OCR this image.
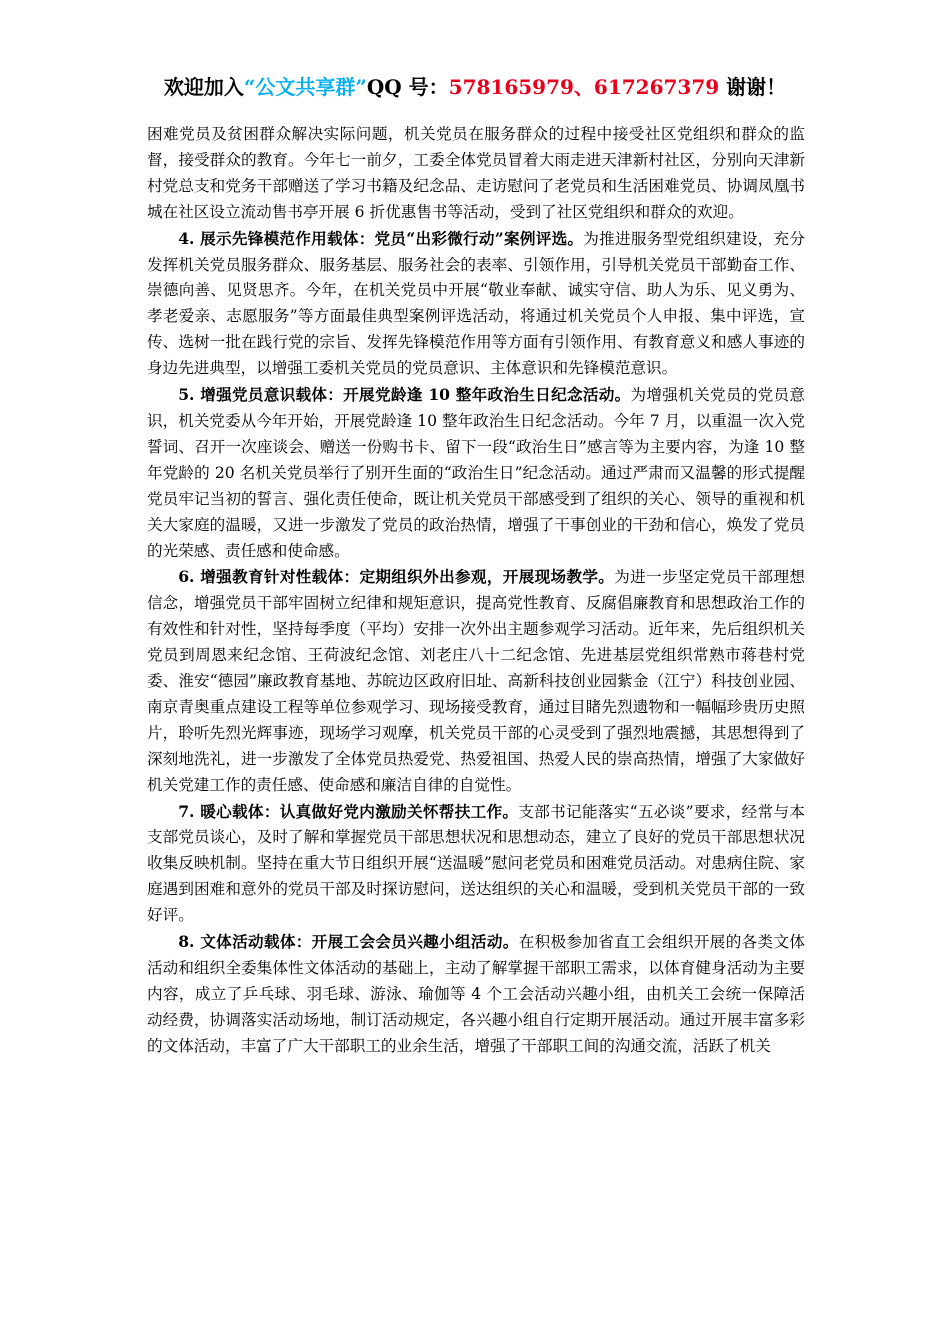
欢迎加入“公文共享群”QQ 号：578165979、617267379 谢谢！

困难党员及贫困群众解决实际问题，机关党员在服务群众的过程中接受社区党组织和群众的监督，接受群众的教育。今年七一前夕，工委全体党员冒着大雨走进天津新村社区，分别向天津新村党总支和党务干部赠送了学习书籍及纪念品、走访慰问了老党员和生活困难党员、协调凤凰书城在社区设立流动售书亭开展 6 折优惠售书等活动，受到了社区党组织和群众的欢迎。

4. 展示先锋模范作用载体：党员“出彩微行动”案例评选。为推进服务型党组织建设，充分发挥机关党员服务群众、服务基层、服务社会的表率、引领作用，引导机关党员干部勤奋工作、崇德向善、见贤思齐。今年，在机关党员中开展“敬业奉献、诚实守信、助人为乐、见义勇为、孝老爱亲、志愿服务”等方面最佳典型案例评选活动，将通过机关党员个人申报、集中评选，宣传、选树一批在践行党的宗旨、发挥先锋模范作用等方面有引领作用、有教育意义和感人事迹的身边先进典型，以增强工委机关党员的党员意识、主体意识和先锋模范意识。

5. 增强党员意识载体：开展党龄逢 10 整年政治生日纪念活动。为增强机关党员的党员意识，机关党委从今年开始，开展党龄逢 10 整年政治生日纪念活动。今年 7 月，以重温一次入党誓词、召开一次座谈会、赠送一份购书卡、留下一段“政治生日”感言等为主要内容，为逢 10 整年党龄的 20 名机关党员举行了别开生面的“政治生日”纪念活动。通过严肃而又温馨的形式提醒党员牢记当初的誓言、强化责任使命，既让机关党员干部感受到了组织的关心、领导的重视和机关大家庭的温暖，又进一步激发了党员的政治热情，增强了干事创业的干劲和信心，焕发了党员的光荣感、责任感和使命感。

6. 增强教育针对性载体：定期组织外出参观，开展现场教学。为进一步坚定党员干部理想信念，增强党员干部牢固树立纪律和规矩意识，提高党性教育、反腐倡廉教育和思想政治工作的有效性和针对性，坚持每季度（平均）安排一次外出主题参观学习活动。近年来，先后组织机关党员到周恩来纪念馆、王荷波纪念馆、刘老庄八十二纪念馆、先进基层党组织常熟市蒋巷村党委、淮安“德园”廉政教育基地、苏皖边区政府旧址、高新科技创业园紫金（江宁）科技创业园、南京青奥重点建设工程等单位参观学习、现场接受教育，通过目睹先烈遗物和一幅幅珍贵历史照片，聆听先烈光辉事迹，现场学习观摩，机关党员干部的心灵受到了强烈地震撼，其思想得到了深刻地洗礼，进一步激发了全体党员热爱党、热爱祖国、热爱人民的崇高热情，增强了大家做好机关党建工作的责任感、使命感和廉洁自律的自觉性。

7. 暖心载体：认真做好党内激励关怀帮扶工作。支部书记能落实“五必谈”要求，经常与本支部党员谈心，及时了解和掌握党员干部思想状况和思想动态，建立了良好的党员干部思想状况收集反映机制。坚持在重大节日组织开展“送温暖”慰问老党员和困难党员活动。对患病住院、家庭遇到困难和意外的党员干部及时探访慰问，送达组织的关心和温暖，受到机关党员干部的一致好评。

8. 文体活动载体：开展工会会员兴趣小组活动。在积极参加省直工会组织开展的各类文体活动和组织全委集体性文体活动的基础上，主动了解掌握干部职工需求，以体育健身活动为主要内容，成立了乒乓球、羽毛球、游泳、瑜伽等 4 个工会活动兴趣小组，由机关工会统一保障活动经费，协调落实活动场地，制订活动规定，各兴趣小组自行定期开展活动。通过开展丰富多彩的文体活动，丰富了广大干部职工的业余生活，增强了干部职工间的沟通交流，活跃了机关
